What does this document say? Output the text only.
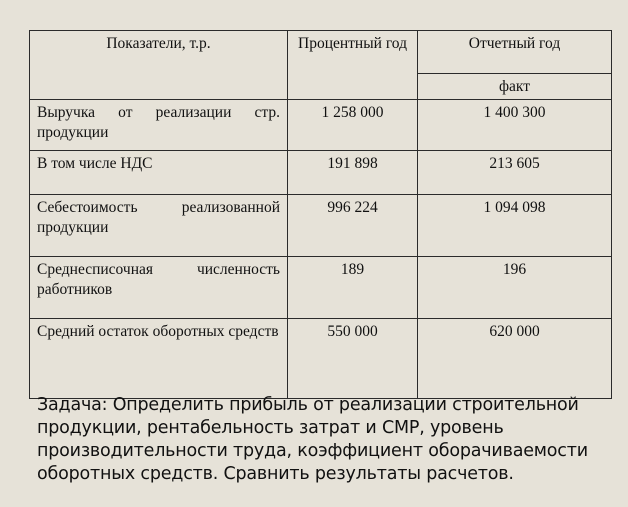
Показатели, т.р.	Процентный год	Отчетный год
		факт
Выручка от реализации стр. продукции	1 258 000	1 400 300
В том числе НДС	191 898	213 605
Себестоимость реализованной продукции	996 224	1 094 098
Среднесписочная численность работников	189	196
Средний остаток оборотных средств	550 000	620 000
Задача: Определить прибыль от реализации строительной
продукции, рентабельность затрат и СМР, уровень
производительности труда, коэффициент оборачиваемости
оборотных средств. Сравнить результаты расчетов.
